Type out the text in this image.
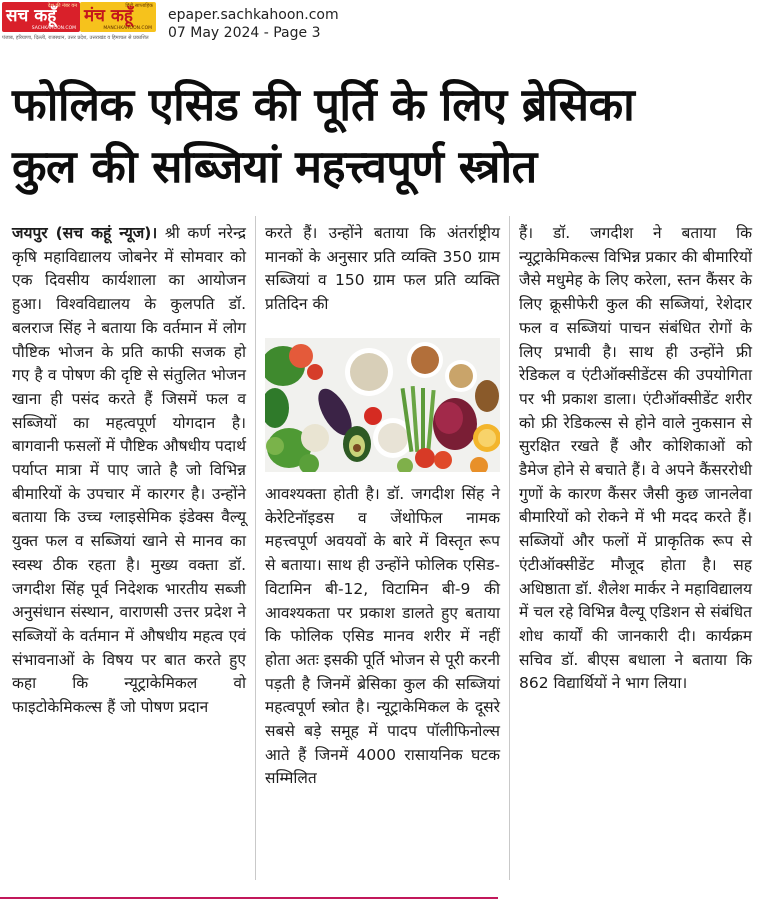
देश की नंबर वन
सच कहूँ
SACHKAHOON.COM
हिंदी साप्ताहिक
मंच कहूँ
MANCHKAHOON.COM
पंजाब, हरियाणा, दिल्ली, राजस्थान, उत्तर प्रदेश, उत्तराखंड व हिमाचल से प्रकाशित
epaper.sachkahoon.com
07 May 2024 - Page 3
फोलिक एसिड की पूर्ति के लिए ब्रेसिका
कुल की सब्जियां महत्त्वपूर्ण स्त्रोत

जयपुर (सच कहूं न्यूज)। श्री कर्ण नरेन्द्र कृषि महाविद्यालय जोबनेर में सोमवार को एक दिवसीय कार्यशाला का आयोजन हुआ। विश्वविद्यालय के कुलपति डॉ. बलराज सिंह ने बताया कि वर्तमान में लोग पौष्टिक भोजन के प्रति काफी सजक हो गए है व पोषण की दृष्टि से संतुलित भोजन खाना ही पसंद करते हैं जिसमें फल व सब्जियों का महत्वपूर्ण योगदान है। बागवानी फसलों में पौष्टिक औषधीय पदार्थ पर्याप्त मात्रा में पाए जाते है जो विभिन्न बीमारियों के उपचार में कारगर है। उन्होंने बताया कि उच्च ग्लाइसेमिक इंडेक्स वैल्यू युक्त फल व सब्जियां खाने से मानव का स्वस्थ ठीक रहता है। मुख्य वक्ता डॉ. जगदीश सिंह पूर्व निदेशक भारतीय सब्जी अनुसंधान संस्थान, वाराणसी उत्तर प्रदेश ने सब्जियों के वर्तमान में औषधीय महत्व एवं संभावनाओं के विषय पर बात करते हुए कहा कि न्यूट्राकेमिकल वो फाइटोकेमिकल्स हैं जो पोषण प्रदान

करते हैं। उन्होंने बताया कि अंतर्राष्ट्रीय मानकों के अनुसार प्रति व्यक्ति 350 ग्राम सब्जियां व 150 ग्राम फल प्रति व्यक्ति प्रतिदिन की

आवश्यक्ता होती है। डॉ. जगदीश सिंह ने केरेटिनॉइडस व जेंथोफिल नामक महत्त्वपूर्ण अवयवों के बारे में विस्तृत रूप से बताया। साथ ही उन्होंने फोलिक एसिड-विटामिन बी-12, विटामिन बी-9 की आवश्यकता पर प्रकाश डालते हुए बताया कि फोलिक एसिड मानव शरीर में नहीं होता अतः इसकी पूर्ति भोजन से पूरी करनी पड़ती है जिनमें ब्रेसिका कुल की सब्जियां महत्वपूर्ण स्त्रोत है। न्यूट्राकेमिकल के दूसरे सबसे बड़े समूह में पादप पॉलीफिनोल्स आते हैं जिनमें 4000 रासायनिक घटक सम्मिलित

हैं। डॉ. जगदीश ने बताया कि न्यूट्राकेमिकल्स विभिन्न प्रकार की बीमारियों जैसे मधुमेह के लिए करेला, स्तन कैंसर के लिए क्रूसीफेरी कुल की सब्जियां, रेशेदार फल व सब्जियां पाचन संबंधित रोगों के लिए प्रभावी है। साथ ही उन्होंने फ्री रेडिकल व एंटीऑक्सीडेंटस की उपयोगिता पर भी प्रकाश डाला। एंटीऑक्सीडेंट शरीर को फ्री रेडिकल्स से होने वाले नुकसान से सुरक्षित रखते हैं और कोशिकाओं को डैमेज होने से बचाते हैं। वे अपने कैंसररोधी गुणों के कारण कैंसर जैसी कुछ जानलेवा बीमारियों को रोकने में भी मदद करते हैं। सब्जियों और फलों में प्राकृतिक रूप से एंटीऑक्सीडेंट मौजूद होता है। सह अधिष्ठाता डॉ. शैलेश मार्कर ने महाविद्यालय में चल रहे विभिन्न वैल्यू एडिशन से संबंधित शोध कार्यों की जानकारी दी। कार्यक्रम सचिव डॉ. बीएस बधाला ने बताया कि 862 विद्यार्थियों ने भाग लिया।
